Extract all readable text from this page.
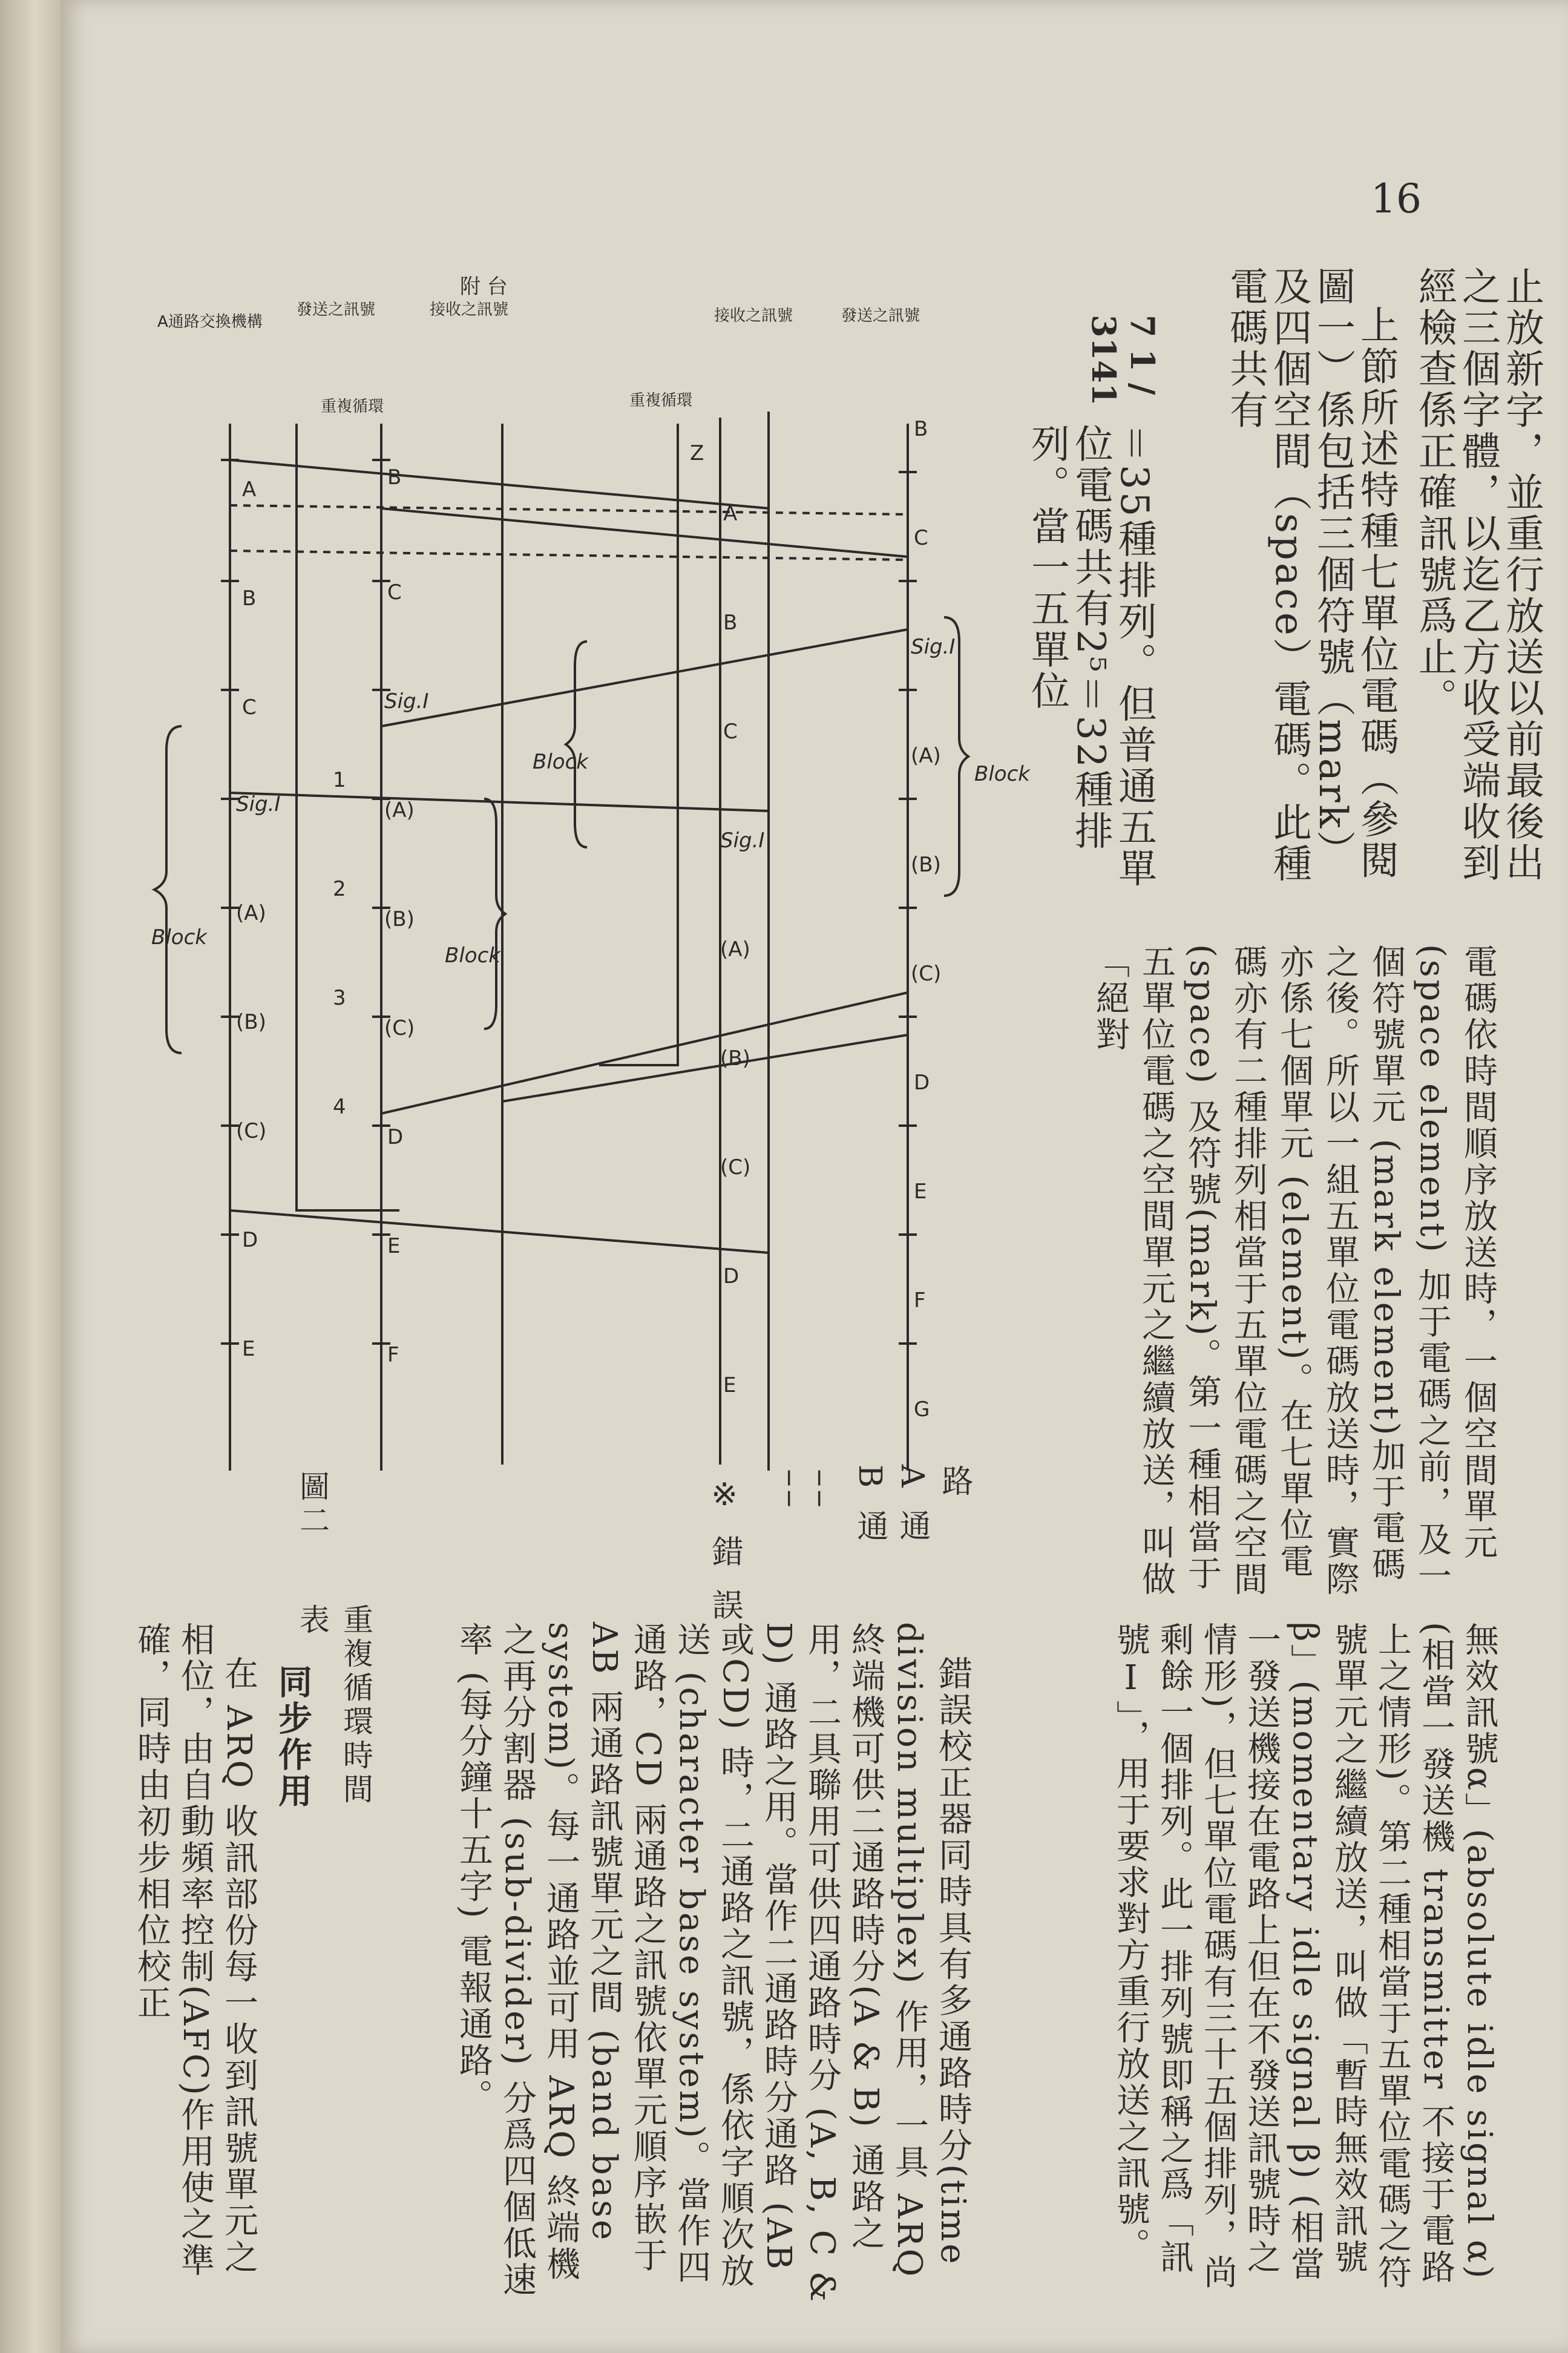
16

止放新字，並重行放送以前最後出之三個字體，以迄乙方收受端收到經檢查係正確訊號爲止。

上節所述特種七單位電碼（參閱圖一）係包括三個符號（mark）及四個空間（space）電碼。此種電碼共有

7 1 / 3141

＝35種排列。但普通五單位電碼共有2⁵＝32種排列。當一五單位

電碼依時間順序放送時，一個空間單元(space element) 加于電碼之前，及一個符號單元 (mark element)加于電碼之後。所以一組五單位電碼放送時，實際亦係七個單元 (element)。在七單位電碼亦有二種排列相當于五單位電碼之空間 (space) 及符號(mark)。第一種相當于五單位電碼之空間單元之繼續放送，叫做「絕對

路
A 通
B 通
──
──
※ 錯 誤
圖二
重複循環時間表
附 台
A通路交換機構
發送之訊號
重複循環
接收之訊號
重複循環
接收之訊號	發送之訊號
Block
Block
Block	Block
A
B
C
Sig.I
(A)
(B)
(C)
D
E
B
C
Sig.I
(A)
(B)
(C)
D
E
F
1
2
3
4
Z
A
B
C
Sig.I
(A)
(B)
(C)
D
E
B
C
Sig.I
(A)
(B)
(C)
D
E
F
G

無效訊號α」(absolute idle signal α)(相當一發送機 transmitter 不接于電路上之情形)。第二種相當于五單位電碼之符號單元之繼續放送，叫做「暫時無效訊號β」(momentary idle signal β) (相當一發送機接在電路上但在不發送訊號時之情形)，但七單位電碼有三十五個排列，尚剩餘一個排列。此一排列號即稱之爲「訊號Ⅰ」，用于要求對方重行放送之訊號。

錯誤校正器同時具有多通路時分(time division multiplex) 作用，一具 ARQ 終端機可供二通路時分(A & B) 通路之用，二具聯用可供四通路時分 (A, B, C & D) 通路之用。當作二通路時分通路 (AB 或CD) 時，二通路之訊號，係依字順次放送 (character base system)。當作四通路，CD 兩通路之訊號依單元順序嵌于 AB 兩通路訊號單元之間 (band base system)。每一通路並可用 ARQ 終端機之再分割器 (sub-divider) 分爲四個低速率 (每分鐘十五字) 電報通路。

同步作用

在 ARQ 收訊部份每一收到訊號單元之相位，由自動頻率控制(AFC)作用使之準確，同時由初步相位校正
